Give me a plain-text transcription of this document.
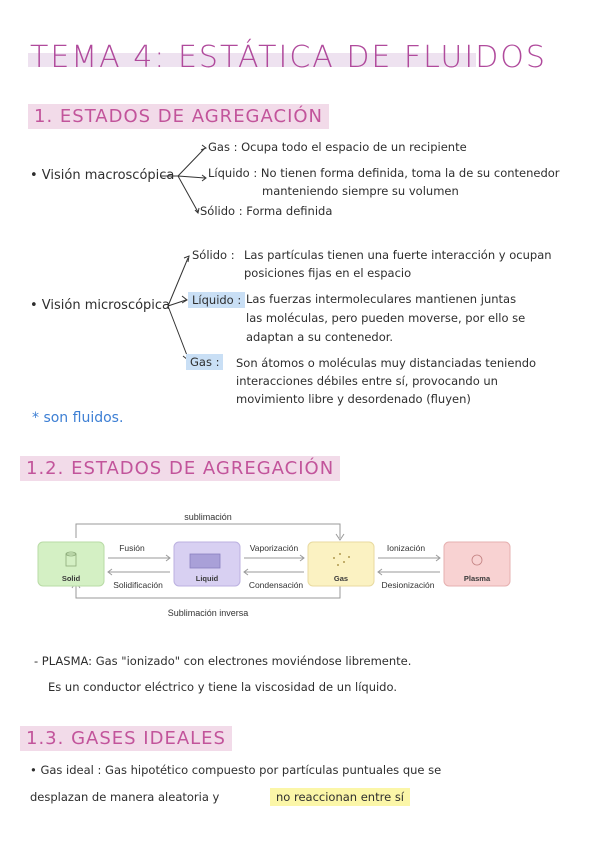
TEMA 4: ESTÁTICA DE FLUIDOS
1. ESTADOS DE AGREGACIÓN
• Visión macroscópica
Gas : Ocupa todo el espacio de un recipiente
Líquido : No tienen forma definida, toma la de su contenedor
manteniendo siempre su volumen
Sólido : Forma definida
• Visión microscópica
Sólido : Las partículas tienen una fuerte interacción y ocupan
posiciones fijas en el espacio
Líquido : Las fuerzas intermoleculares mantienen juntas
las moléculas, pero pueden moverse, por ello se
adaptan a su contenedor.
Gas :	Son átomos o moléculas muy distanciadas teniendo
interacciones débiles entre sí, provocando un
movimiento libre y desordenado (fluyen)
* son fluidos.
1.2. ESTADOS DE AGREGACIÓN
sublimación
Sublimación inversa
Solid	Liquid	Gas	Plasma
Fusión
Solidificación
Vaporización
Condensación
Ionización
Desionización
- PLASMA: Gas "ionizado" con electrones moviéndose libremente.
Es un conductor eléctrico y tiene la viscosidad de un líquido.
1.3. GASES IDEALES
• Gas ideal : Gas hipotético compuesto por partículas puntuales que se
desplazan de manera aleatoria y	no reaccionan entre sí
